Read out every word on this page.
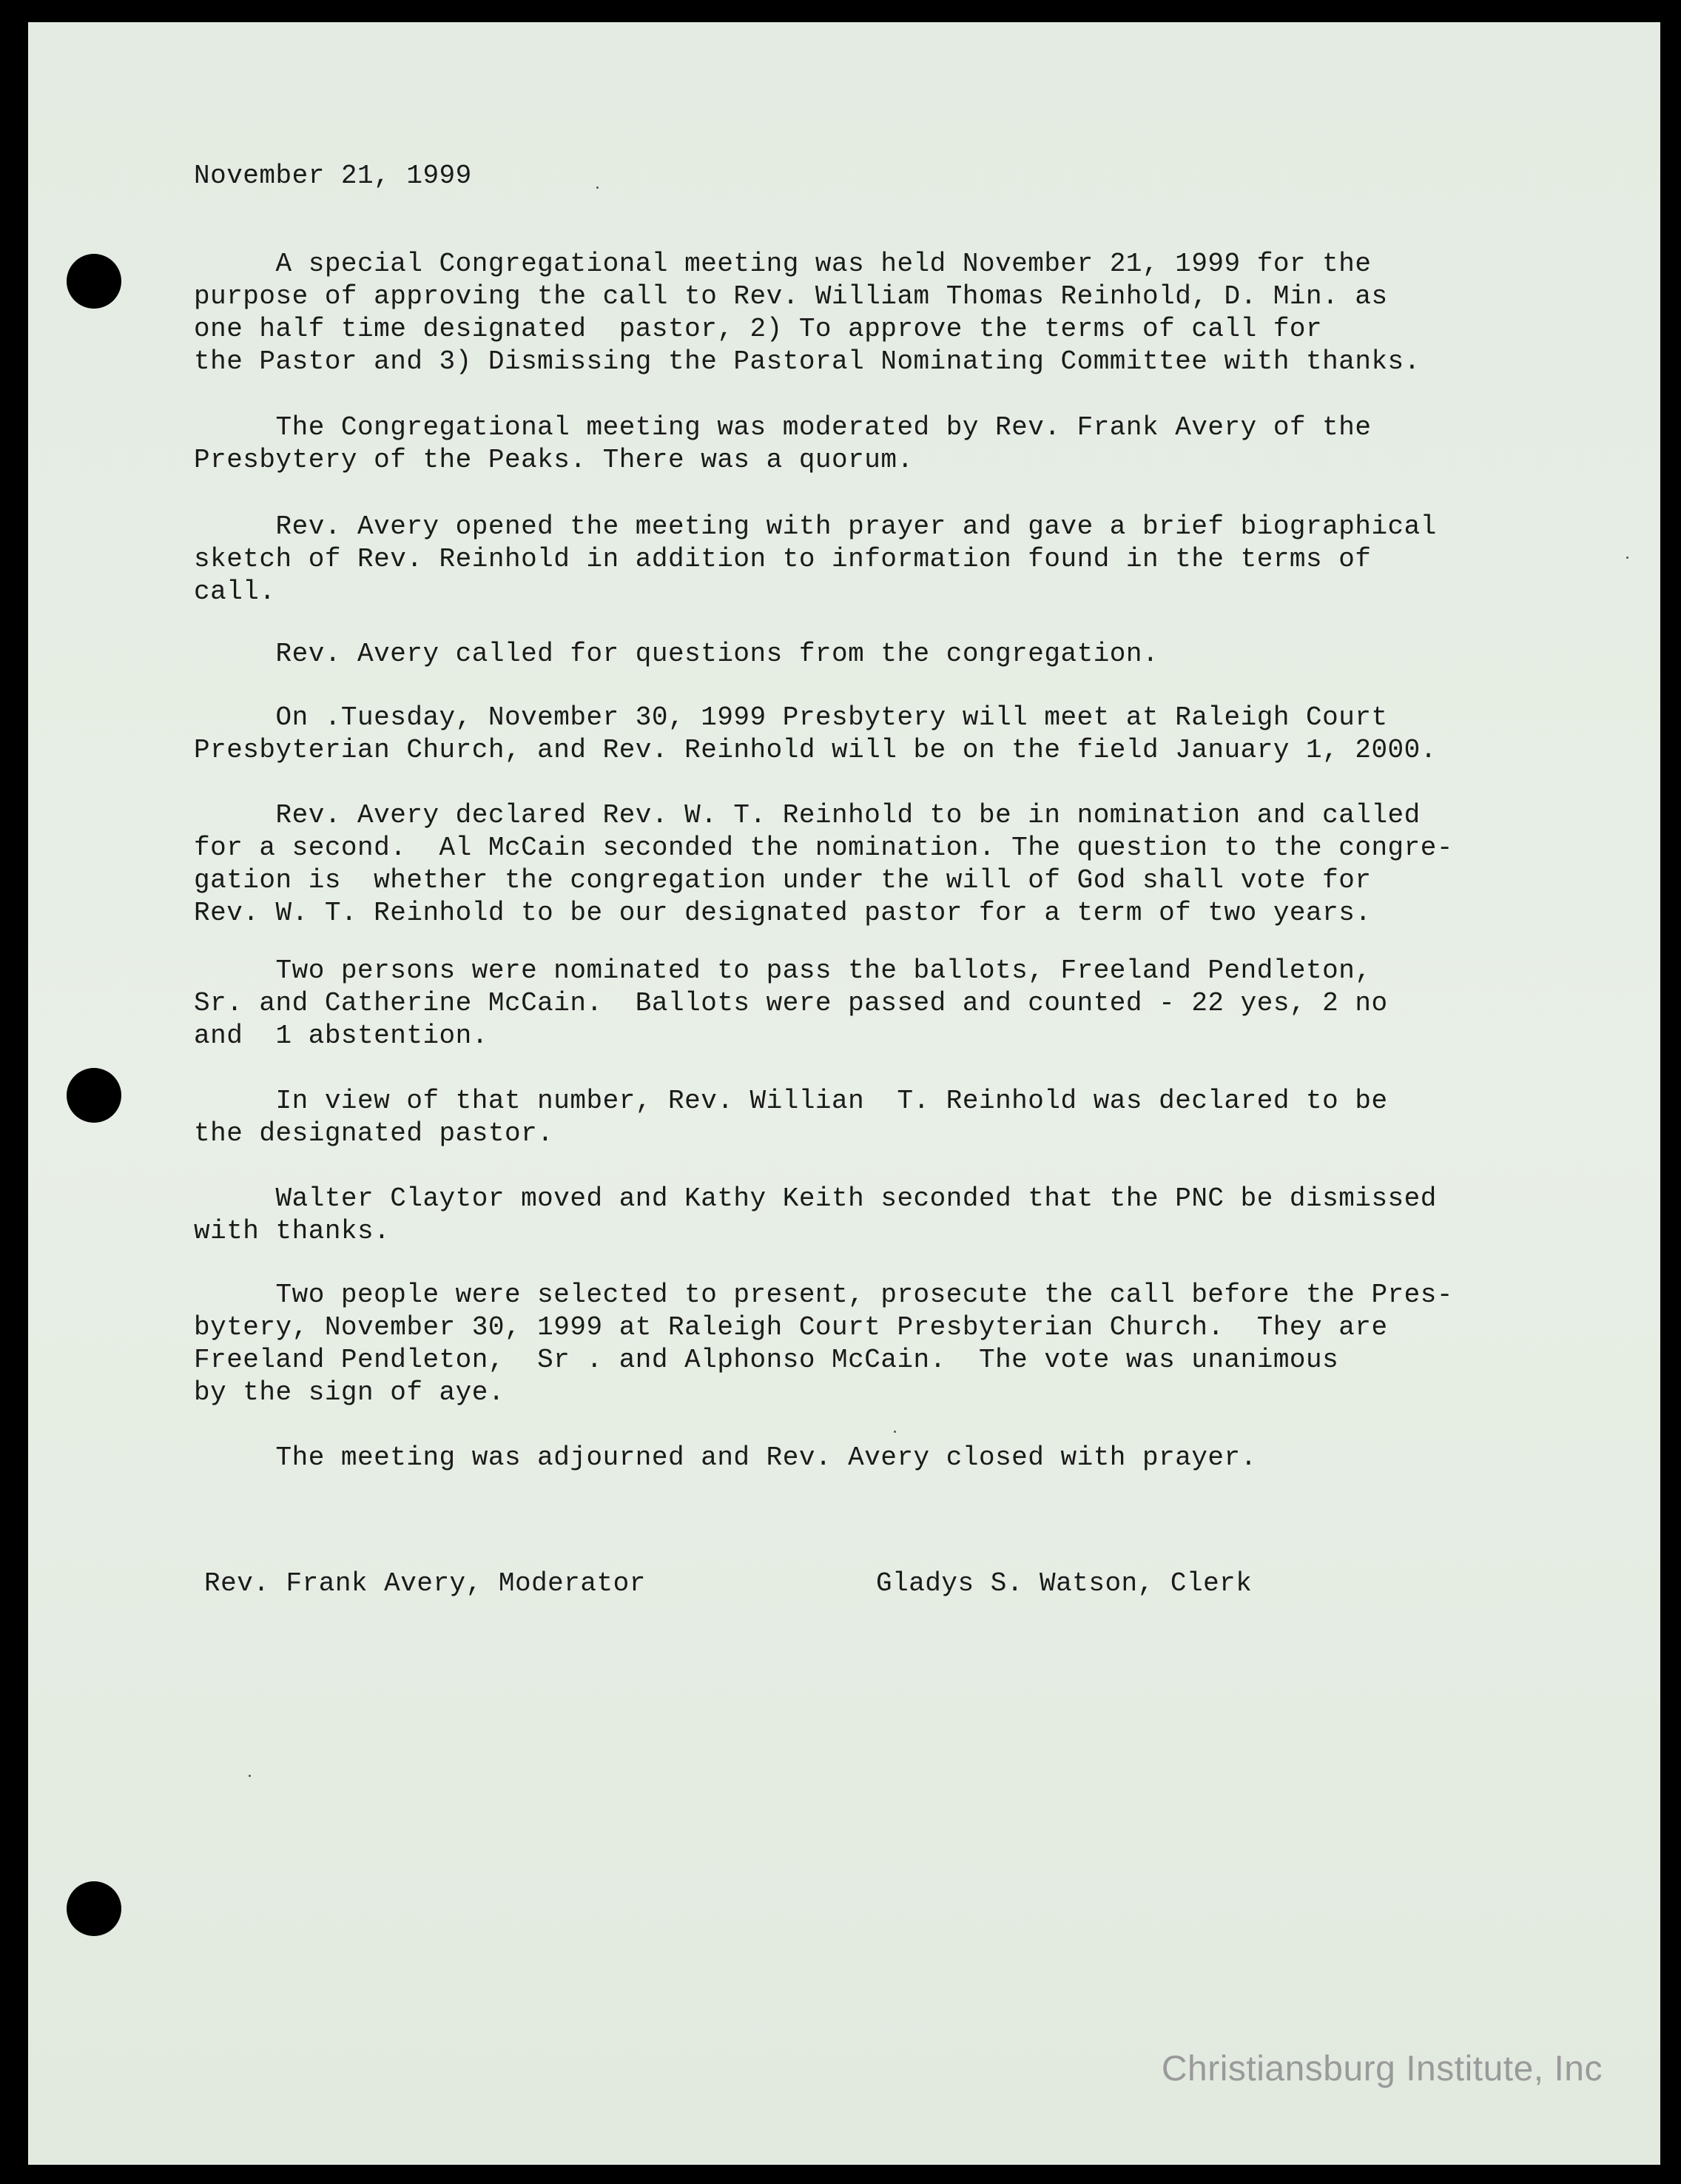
November 21, 1999
A special Congregational meeting was held November 21, 1999 for the
purpose of approving the call to Rev. William Thomas Reinhold, D. Min. as
one half time designated  pastor, 2) To approve the terms of call for
the Pastor and 3) Dismissing the Pastoral Nominating Committee with thanks.
The Congregational meeting was moderated by Rev. Frank Avery of the
Presbytery of the Peaks. There was a quorum.
Rev. Avery opened the meeting with prayer and gave a brief biographical
sketch of Rev. Reinhold in addition to information found in the terms of
call.
Rev. Avery called for questions from the congregation.
On .Tuesday, November 30, 1999 Presbytery will meet at Raleigh Court
Presbyterian Church, and Rev. Reinhold will be on the field January 1, 2000.
Rev. Avery declared Rev. W. T. Reinhold to be in nomination and called
for a second.  Al McCain seconded the nomination. The question to the congre-
gation is  whether the congregation under the will of God shall vote for
Rev. W. T. Reinhold to be our designated pastor for a term of two years.
Two persons were nominated to pass the ballots, Freeland Pendleton,
Sr. and Catherine McCain.  Ballots were passed and counted - 22 yes, 2 no
and  1 abstention.
In view of that number, Rev. Willian  T. Reinhold was declared to be
the designated pastor.
Walter Claytor moved and Kathy Keith seconded that the PNC be dismissed
with thanks.
Two people were selected to present, prosecute the call before the Pres-
bytery, November 30, 1999 at Raleigh Court Presbyterian Church.  They are
Freeland Pendleton,  Sr . and Alphonso McCain.  The vote was unanimous
by the sign of aye.
The meeting was adjourned and Rev. Avery closed with prayer.
Rev. Frank Avery, Moderator	Gladys S. Watson, Clerk
Christiansburg Institute, Inc
